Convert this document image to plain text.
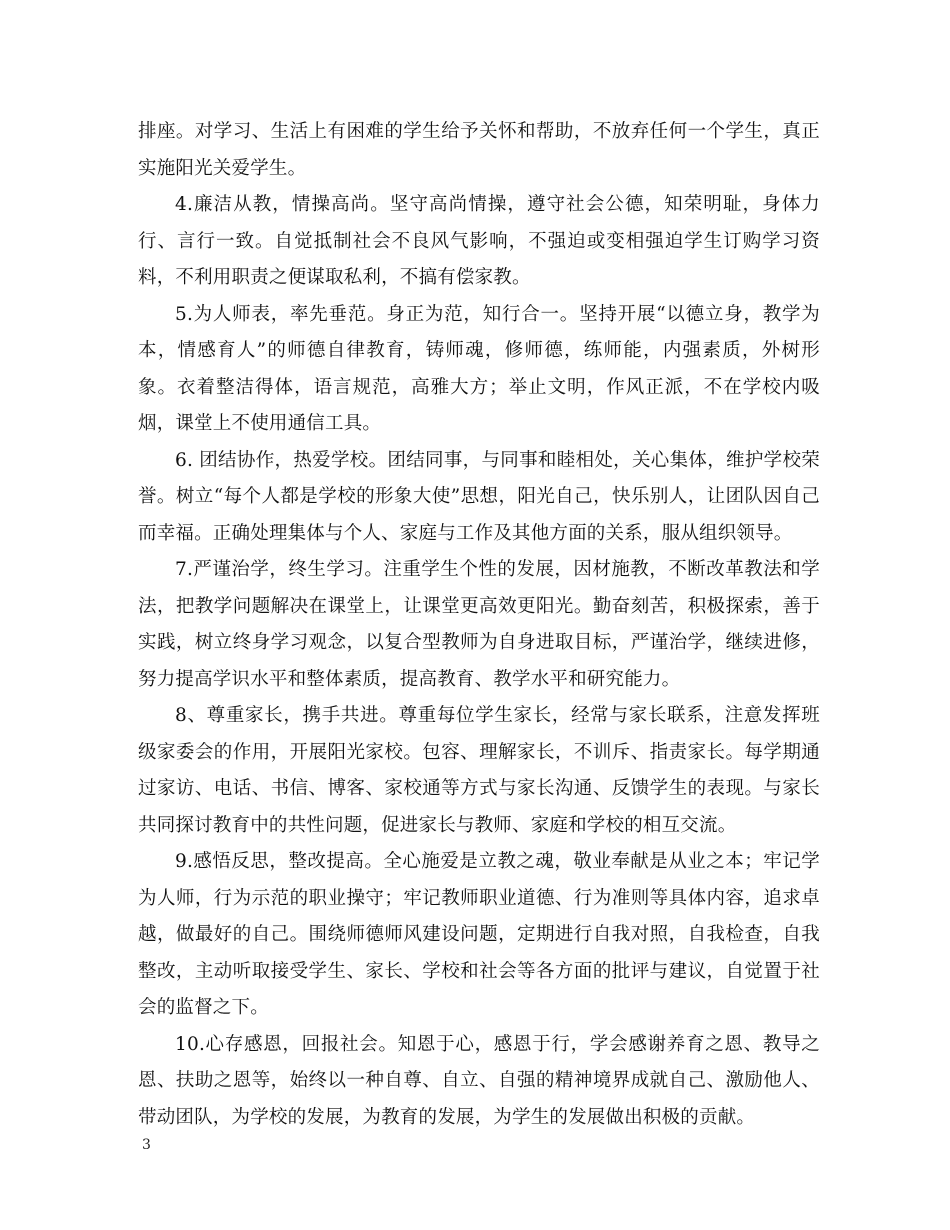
排座。对学习、生活上有困难的学生给予关怀和帮助，不放弃任何一个学生，真正实施阳光关爱学生。

4.廉洁从教，情操高尚。坚守高尚情操，遵守社会公德，知荣明耻，身体力行、言行一致。自觉抵制社会不良风气影响，不强迫或变相强迫学生订购学习资料，不利用职责之便谋取私利，不搞有偿家教。

5.为人师表，率先垂范。身正为范，知行合一。坚持开展“以德立身，教学为本，情感育人”的师德自律教育，铸师魂，修师德，练师能，内强素质，外树形象。衣着整洁得体，语言规范，高雅大方；举止文明，作风正派，不在学校内吸烟，课堂上不使用通信工具。

6. 团结协作，热爱学校。团结同事，与同事和睦相处，关心集体，维护学校荣誉。树立“每个人都是学校的形象大使”思想，阳光自己，快乐别人，让团队因自己而幸福。正确处理集体与个人、家庭与工作及其他方面的关系，服从组织领导。

7.严谨治学，终生学习。注重学生个性的发展，因材施教，不断改革教法和学法，把教学问题解决在课堂上，让课堂更高效更阳光。勤奋刻苦，积极探索，善于实践，树立终身学习观念，以复合型教师为自身进取目标，严谨治学，继续进修，努力提高学识水平和整体素质，提高教育、教学水平和研究能力。

8、尊重家长，携手共进。尊重每位学生家长，经常与家长联系，注意发挥班级家委会的作用，开展阳光家校。包容、理解家长，不训斥、指责家长。每学期通过家访、电话、书信、博客、家校通等方式与家长沟通、反馈学生的表现。与家长共同探讨教育中的共性问题，促进家长与教师、家庭和学校的相互交流。

9.感悟反思，整改提高。全心施爱是立教之魂，敬业奉献是从业之本；牢记学为人师，行为示范的职业操守；牢记教师职业道德、行为准则等具体内容，追求卓越，做最好的自己。围绕师德师风建设问题，定期进行自我对照，自我检查，自我整改，主动听取接受学生、家长、学校和社会等各方面的批评与建议，自觉置于社会的监督之下。

10.心存感恩，回报社会。知恩于心，感恩于行，学会感谢养育之恩、教导之恩、扶助之恩等，始终以一种自尊、自立、自强的精神境界成就自己、激励他人、带动团队，为学校的发展，为教育的发展，为学生的发展做出积极的贡献。

3
